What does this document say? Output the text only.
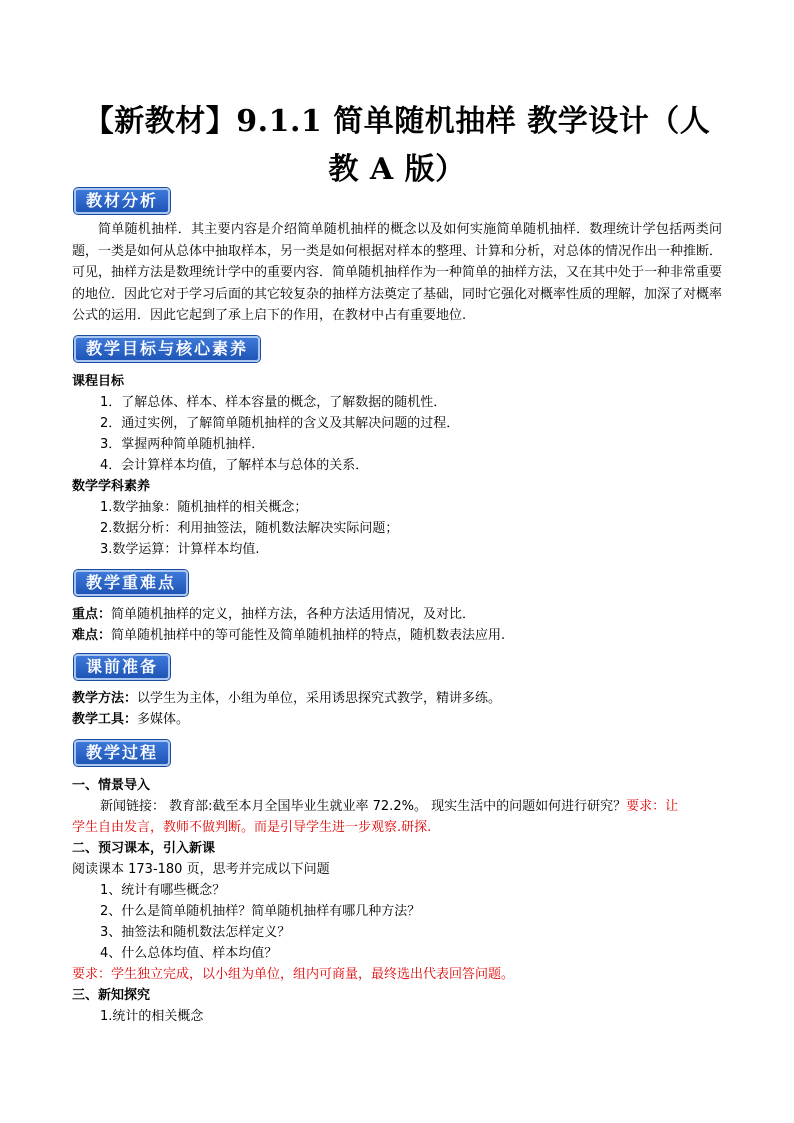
【新教材】9.1.1 简单随机抽样 教学设计（人
教 A 版）
教材分析

简单随机抽样．其主要内容是介绍简单随机抽样的概念以及如何实施简单随机抽样．数理统计学包括两类问题，一类是如何从总体中抽取样本，另一类是如何根据对样本的整理、计算和分析，对总体的情况作出一种推断．可见，抽样方法是数理统计学中的重要内容．简单随机抽样作为一种简单的抽样方法，又在其中处于一种非常重要的地位．因此它对于学习后面的其它较复杂的抽样方法奠定了基础，同时它强化对概率性质的理解，加深了对概率公式的运用．因此它起到了承上启下的作用，在教材中占有重要地位.

教学目标与核心素养
课程目标
1．了解总体、样本、样本容量的概念，了解数据的随机性．
2．通过实例，了解简单随机抽样的含义及其解决问题的过程．
3．掌握两种简单随机抽样．
4．会计算样本均值，了解样本与总体的关系．
数学学科素养
1.数学抽象：随机抽样的相关概念；
2.数据分析：利用抽签法，随机数法解决实际问题；
3.数学运算：计算样本均值.
教学重难点
重点：简单随机抽样的定义，抽样方法，各种方法适用情况，及对比．
难点：简单随机抽样中的等可能性及简单随机抽样的特点，随机数表法应用.
课前准备
教学方法：以学生为主体，小组为单位，采用诱思探究式教学，精讲多练。
教学工具：多媒体。
教学过程
一、情景导入
新闻链接： 教育部:截至本月全国毕业生就业率 72.2%。 现实生活中的问题如何进行研究？要求：让
学生自由发言，教师不做判断。而是引导学生进一步观察.研探.
二、预习课本，引入新课
阅读课本 173-180 页，思考并完成以下问题
1、统计有哪些概念？
2、什么是简单随机抽样？简单随机抽样有哪几种方法？
3、抽签法和随机数法怎样定义？
4、什么总体均值、样本均值？
要求：学生独立完成，以小组为单位，组内可商量，最终选出代表回答问题。
三、新知探究
1.统计的相关概念
